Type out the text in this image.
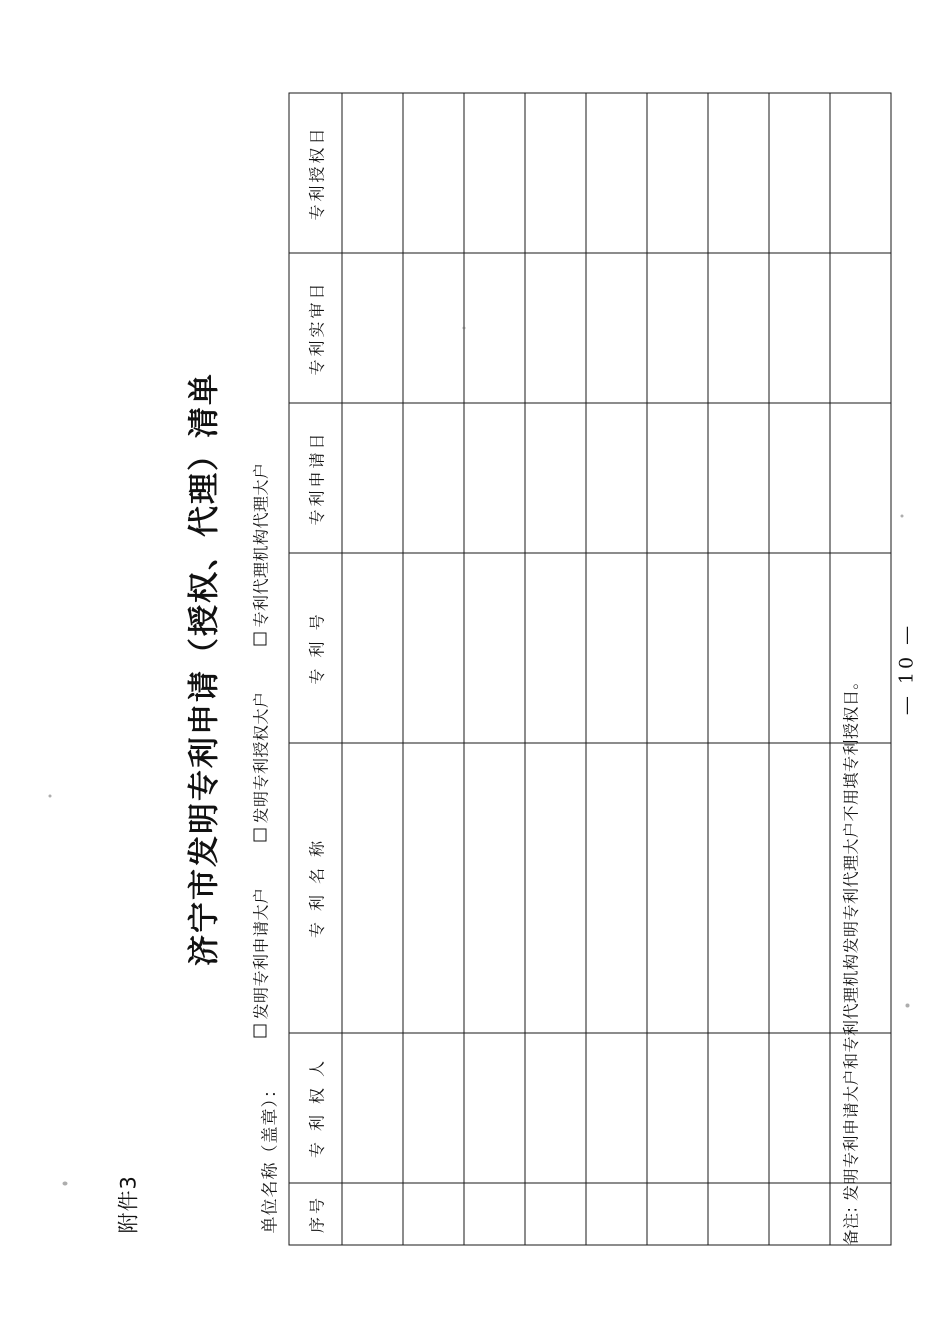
附件3
济宁市发明专利申请（授权、代理）清单
单位名称（盖章）：
发明专利申请大户
发明专利授权大户
专利代理机构代理大户
序号	专 利 权 人	专 利 名 称	专 利 号	专利申请日	专利实审日	专利授权日

备注: 发明专利申请大户和专利代理机构发明专利代理大户不用填专利授权日。
— 10 —
